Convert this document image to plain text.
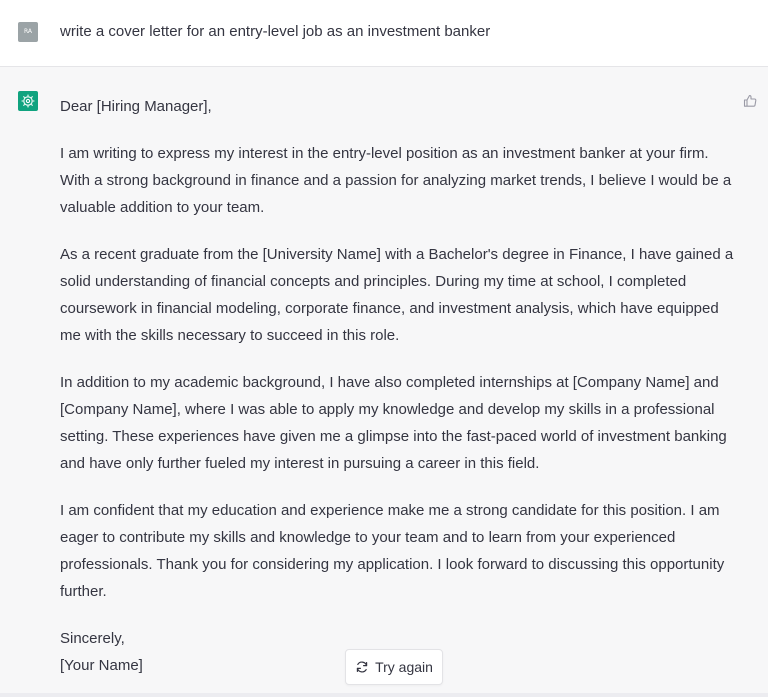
RA	write a cover letter for an entry-level job as an investment banker

Dear [Hiring Manager],

I am writing to express my interest in the entry-level position as an investment banker at your firm. With a strong background in finance and a passion for analyzing market trends, I believe I would be a valuable addition to your team.

As a recent graduate from the [University Name] with a Bachelor's degree in Finance, I have gained a solid understanding of financial concepts and principles. During my time at school, I completed coursework in financial modeling, corporate finance, and investment analysis, which have equipped me with the skills necessary to succeed in this role.

In addition to my academic background, I have also completed internships at [Company Name] and [Company Name], where I was able to apply my knowledge and develop my skills in a professional setting. These experiences have given me a glimpse into the fast-paced world of investment banking and have only further fueled my interest in pursuing a career in this field.

I am confident that my education and experience make me a strong candidate for this position. I am eager to contribute my skills and knowledge to your team and to learn from your experienced professionals. Thank you for considering my application. I look forward to discussing this opportunity further.

Sincerely,

[Your Name]	Try again
